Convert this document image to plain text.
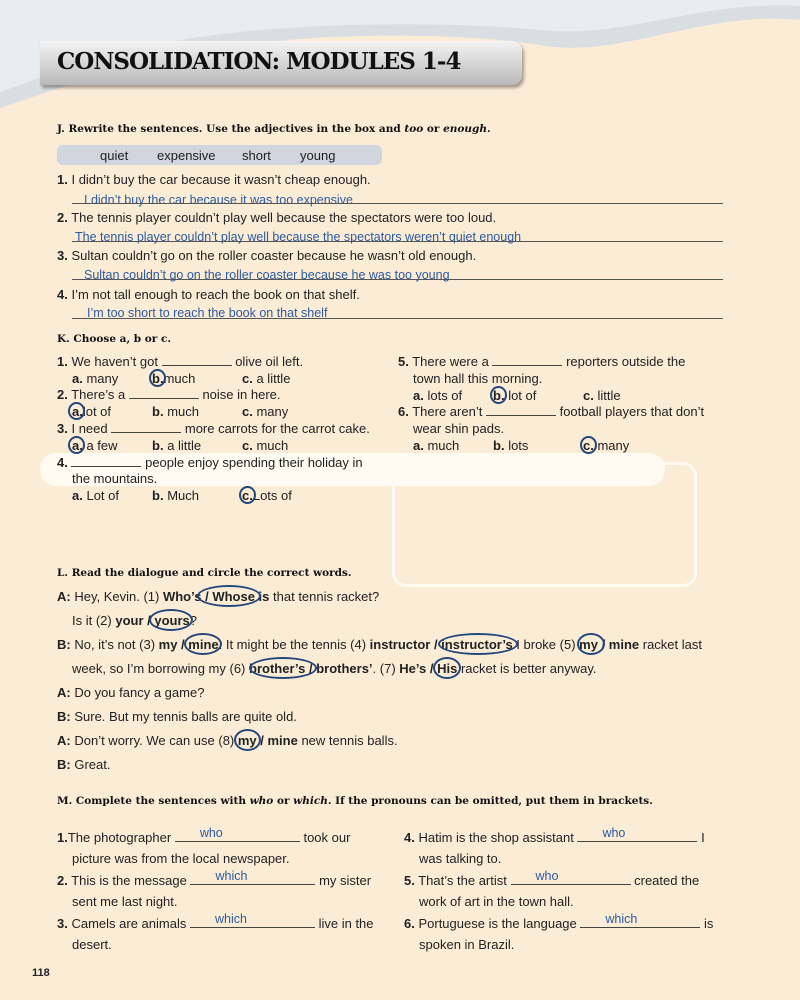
CONSOLIDATION: MODULES 1-4
J. Rewrite the sentences. Use the adjectives in the box and too or enough.
quiet expensive short young
1. I didn’t buy the car because it wasn’t cheap enough.
I didn’t buy the car because it was too expensive
2. The tennis player couldn’t play well because the spectators were too loud.
The tennis player couldn’t play well because the spectators weren’t quiet enough
3. Sultan couldn’t go on the roller coaster because he wasn’t old enough.
Sultan couldn’t go on the roller coaster because he was too young
4. I’m not tall enough to reach the book on that shelf.
I’m too short to reach the book on that shelf
K. Choose a, b or c.
1. We haven’t got	olive oil left.
a. many	b.much	c. a little
2. There’s a	noise in here.
a.lot of	b. much	c. many
3. I need	more carrots for the carrot cake.
a. a few	b. a little	c. much
4.	people enjoy spending their holiday in
the mountains.
a. Lot of	b. Much	c.Lots of
5. There were a	reporters outside the
town hall this morning.
a. lots of b. lot of	c. little
6. There aren’t	football players that don’t
wear shin pads.
a. much	b. lots	c. many
L. Read the dialogue and circle the correct words.
A: Hey, Kevin. (1) Who’s / Whose is that tennis racket?
Is it (2) your / yours?
B: No, it’s not (3) my / mine. It might be the tennis (4) instructor / instructor’s I broke (5) my / mine racket last
week, so I’m borrowing my (6) brother’s / brothers’. (7) He’s / His racket is better anyway.
A: Do you fancy a game?
B: Sure. But my tennis balls are quite old.
A: Don’t worry. We can use (8) my / mine new tennis balls.
B: Great.
M. Complete the sentences with who or which. If the pronouns can be omitted, put them in brackets.
1.The photographer who	took our
picture was from the local newspaper.
2. This is the message which	my sister
sent me last night.
3. Camels are animals which	live in the
desert.
4. Hatim is the shop assistant who	I
was talking to.
5. That’s the artist who	created the
work of art in the town hall.
6. Portuguese is the language which	is
spoken in Brazil.
118
